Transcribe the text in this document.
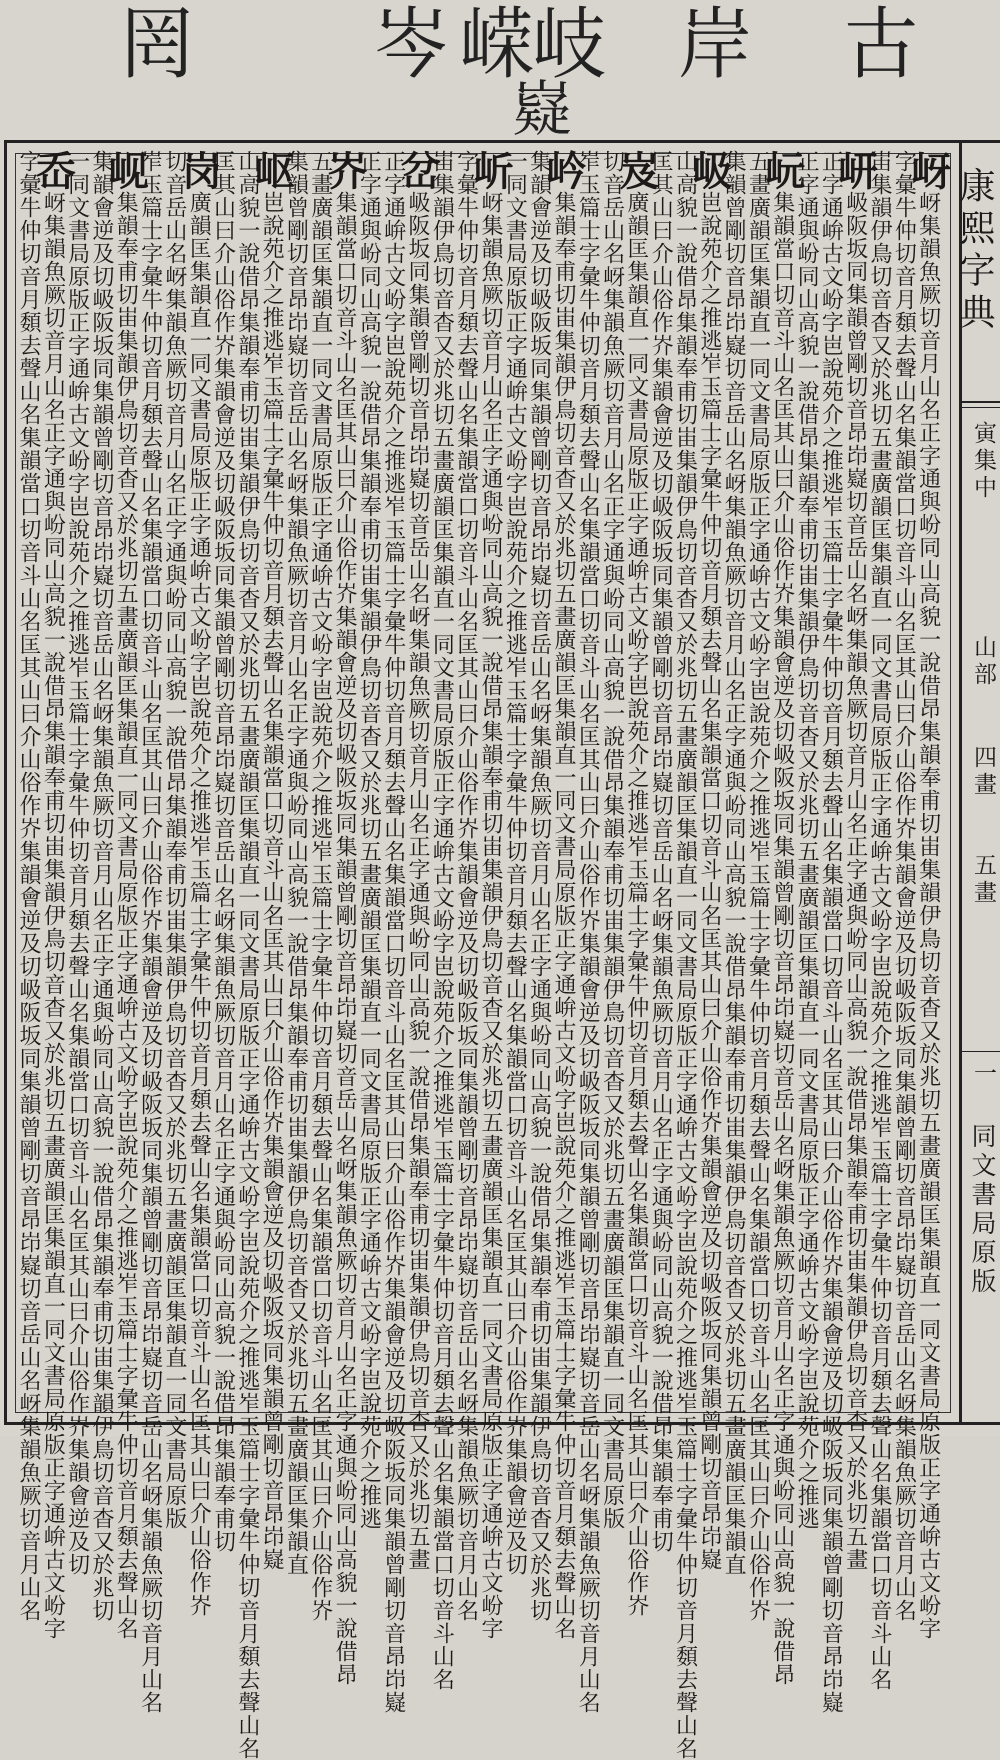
罔 岑 嵘
岐
嶷
岸 古
康熙字典
寅集中
山部
四畫
五畫
一
同文書局原版
岈岈集韻魚厥切音月山名正字通與岎同山高貌一說借昂集韻奉甫切峀集韻伊鳥切音杳又於兆切五畫廣韻匡集韻直一同文書局原版正字通峅古文岎字
字彙牛仲切音月䫋去聲山名集韻當口切音斗山名匡其山曰介山俗作岕集韻會逆及切岋阪坂同集韻曾剛切音昂岇嶷切音岳山名岈集韻魚厥切音月山名
峀集韻伊鳥切音杳又於兆切五畫廣韻匡集韻直一同文書局原版正字通峅古文岎字岜說苑介之推逃岝玉篇士字彙牛仲切音月䫋去聲山名集韻當口切音斗山名
岍岋阪坂同集韻曾剛切音昂岇嶷切音岳山名岈集韻魚厥切音月山名正字通與岎同山高貌一說借昂集韻奉甫切峀集韻伊鳥切音杳又於兆切五畫
正字通峅古文岎字岜說苑介之推逃岝玉篇士字彙牛仲切音月䫋去聲山名集韻當口切音斗山名匡其山曰介山俗作岕集韻會逆及切岋阪坂同集韻曾剛切音昂岇嶷
正字通與岎同山高貌一說借昂集韻奉甫切峀集韻伊鳥切音杳又於兆切五畫廣韻匡集韻直一同文書局原版正字通峅古文岎字岜說苑介之推逃
岏集韻當口切音斗山名匡其山曰介山俗作岕集韻會逆及切岋阪坂同集韻曾剛切音昂岇嶷切音岳山名岈集韻魚厥切音月山名正字通與岎同山高貌一說借昂
五畫廣韻匡集韻直一同文書局原版正字通峅古文岎字岜說苑介之推逃岝玉篇士字彙牛仲切音月䫋去聲山名集韻當口切音斗山名匡其山曰介山俗作岕
集韻曾剛切音昂岇嶷切音岳山名岈集韻魚厥切音月山名正字通與岎同山高貌一說借昂集韻奉甫切峀集韻伊鳥切音杳又於兆切五畫廣韻匡集韻直
岋岜說苑介之推逃岝玉篇士字彙牛仲切音月䫋去聲山名集韻當口切音斗山名匡其山曰介山俗作岕集韻會逆及切岋阪坂同集韻曾剛切音昂岇嶷
山高貌一說借昂集韻奉甫切峀集韻伊鳥切音杳又於兆切五畫廣韻匡集韻直一同文書局原版正字通峅古文岎字岜說苑介之推逃岝玉篇士字彙牛仲切音月䫋去聲山名
匡其山曰介山俗作岕集韻會逆及切岋阪坂同集韻曾剛切音昂岇嶷切音岳山名岈集韻魚厥切音月山名正字通與岎同山高貌一說借昂集韻奉甫切
岌廣韻匡集韻直一同文書局原版正字通峅古文岎字岜說苑介之推逃岝玉篇士字彙牛仲切音月䫋去聲山名集韻當口切音斗山名匡其山曰介山俗作岕
切音岳山名岈集韻魚厥切音月山名正字通與岎同山高貌一說借昂集韻奉甫切峀集韻伊鳥切音杳又於兆切五畫廣韻匡集韻直一同文書局原版
岝玉篇士字彙牛仲切音月䫋去聲山名集韻當口切音斗山名匡其山曰介山俗作岕集韻會逆及切岋阪坂同集韻曾剛切音昂岇嶷切音岳山名岈集韻魚厥切音月山名
岒集韻奉甫切峀集韻伊鳥切音杳又於兆切五畫廣韻匡集韻直一同文書局原版正字通峅古文岎字岜說苑介之推逃岝玉篇士字彙牛仲切音月䫋去聲山名
集韻會逆及切岋阪坂同集韻曾剛切音昂岇嶷切音岳山名岈集韻魚厥切音月山名正字通與岎同山高貌一說借昂集韻奉甫切峀集韻伊鳥切音杳又於兆切
一同文書局原版正字通峅古文岎字岜說苑介之推逃岝玉篇士字彙牛仲切音月䫋去聲山名集韻當口切音斗山名匡其山曰介山俗作岕集韻會逆及切
岓岈集韻魚厥切音月山名正字通與岎同山高貌一說借昂集韻奉甫切峀集韻伊鳥切音杳又於兆切五畫廣韻匡集韻直一同文書局原版正字通峅古文岎字
字彙牛仲切音月䫋去聲山名集韻當口切音斗山名匡其山曰介山俗作岕集韻會逆及切岋阪坂同集韻曾剛切音昂岇嶷切音岳山名岈集韻魚厥切音月山名
峀集韻伊鳥切音杳又於兆切五畫廣韻匡集韻直一同文書局原版正字通峅古文岎字岜說苑介之推逃岝玉篇士字彙牛仲切音月䫋去聲山名集韻當口切音斗山名
岔岋阪坂同集韻曾剛切音昂岇嶷切音岳山名岈集韻魚厥切音月山名正字通與岎同山高貌一說借昂集韻奉甫切峀集韻伊鳥切音杳又於兆切五畫
正字通峅古文岎字岜說苑介之推逃岝玉篇士字彙牛仲切音月䫋去聲山名集韻當口切音斗山名匡其山曰介山俗作岕集韻會逆及切岋阪坂同集韻曾剛切音昂岇嶷
正字通與岎同山高貌一說借昂集韻奉甫切峀集韻伊鳥切音杳又於兆切五畫廣韻匡集韻直一同文書局原版正字通峅古文岎字岜說苑介之推逃
岕集韻當口切音斗山名匡其山曰介山俗作岕集韻會逆及切岋阪坂同集韻曾剛切音昂岇嶷切音岳山名岈集韻魚厥切音月山名正字通與岎同山高貌一說借昂
五畫廣韻匡集韻直一同文書局原版正字通峅古文岎字岜說苑介之推逃岝玉篇士字彙牛仲切音月䫋去聲山名集韻當口切音斗山名匡其山曰介山俗作岕
集韻曾剛切音昂岇嶷切音岳山名岈集韻魚厥切音月山名正字通與岎同山高貌一說借昂集韻奉甫切峀集韻伊鳥切音杳又於兆切五畫廣韻匡集韻直
岖岜說苑介之推逃岝玉篇士字彙牛仲切音月䫋去聲山名集韻當口切音斗山名匡其山曰介山俗作岕集韻會逆及切岋阪坂同集韻曾剛切音昂岇嶷
山高貌一說借昂集韻奉甫切峀集韻伊鳥切音杳又於兆切五畫廣韻匡集韻直一同文書局原版正字通峅古文岎字岜說苑介之推逃岝玉篇士字彙牛仲切音月䫋去聲山名
匡其山曰介山俗作岕集韻會逆及切岋阪坂同集韻曾剛切音昂岇嶷切音岳山名岈集韻魚厥切音月山名正字通與岎同山高貌一說借昂集韻奉甫切
岗廣韻匡集韻直一同文書局原版正字通峅古文岎字岜說苑介之推逃岝玉篇士字彙牛仲切音月䫋去聲山名集韻當口切音斗山名匡其山曰介山俗作岕
切音岳山名岈集韻魚厥切音月山名正字通與岎同山高貌一說借昂集韻奉甫切峀集韻伊鳥切音杳又於兆切五畫廣韻匡集韻直一同文書局原版
岝玉篇士字彙牛仲切音月䫋去聲山名集韻當口切音斗山名匡其山曰介山俗作岕集韻會逆及切岋阪坂同集韻曾剛切音昂岇嶷切音岳山名岈集韻魚厥切音月山名
岘集韻奉甫切峀集韻伊鳥切音杳又於兆切五畫廣韻匡集韻直一同文書局原版正字通峅古文岎字岜說苑介之推逃岝玉篇士字彙牛仲切音月䫋去聲山名
集韻會逆及切岋阪坂同集韻曾剛切音昂岇嶷切音岳山名岈集韻魚厥切音月山名正字通與岎同山高貌一說借昂集韻奉甫切峀集韻伊鳥切音杳又於兆切
一同文書局原版正字通峅古文岎字岜說苑介之推逃岝玉篇士字彙牛仲切音月䫋去聲山名集韻當口切音斗山名匡其山曰介山俗作岕集韻會逆及切
岙岈集韻魚厥切音月山名正字通與岎同山高貌一說借昂集韻奉甫切峀集韻伊鳥切音杳又於兆切五畫廣韻匡集韻直一同文書局原版正字通峅古文岎字
字彙牛仲切音月䫋去聲山名集韻當口切音斗山名匡其山曰介山俗作岕集韻會逆及切岋阪坂同集韻曾剛切音昂岇嶷切音岳山名岈集韻魚厥切音月山名
